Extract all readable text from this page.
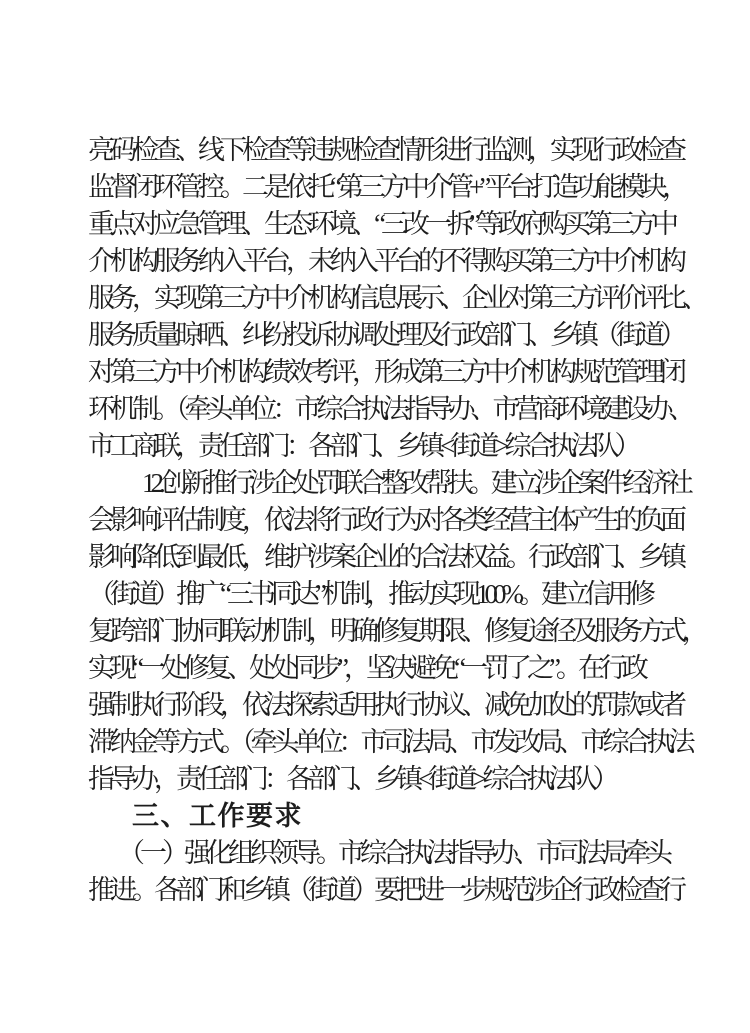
亮码检查、线下检查等违规检查情形进行监测，实现行政检查
监督闭环管控。二是依托“第三方中介管+”平台打造功能模块，
重点对应急管理、生态环境、“三改一拆”等政府购买第三方中
介机构服务纳入平台，未纳入平台的不得购买第三方中介机构
服务，实现第三方中介机构信息展示、企业对第三方评价评比、
服务质量晾晒、纠纷投诉协调处理及行政部门、乡镇（街道）
对第三方中介机构绩效考评，形成第三方中介机构规范管理闭
环机制。（牵头单位：市综合执法指导办、市营商环境建设办、
市工商联，责任部门：各部门、乡镇<街道>综合执法队）
12.创新推行涉企处罚联合整改帮扶。建立涉企案件经济社
会影响评估制度，依法将行政行为对各类经营主体产生的负面
影响降低到最低，维护涉案企业的合法权益。行政部门、乡镇
（街道）推广“三书同达”机制，推动实现100%。建立信用修
复跨部门协同联动机制，明确修复期限、修复途径及服务方式，
实现“一处修复、处处同步”，坚决避免“一罚了之”。在行政
强制执行阶段，依法探索适用执行协议、减免加处的罚款或者
滞纳金等方式。（牵头单位：市司法局、市发改局、市综合执法
指导办，责任部门：各部门、乡镇<街道>综合执法队）
三、工作要求
（一）强化组织领导。市综合执法指导办、市司法局牵头
推进。各部门和乡镇（街道）要把进一步规范涉企行政检查行
